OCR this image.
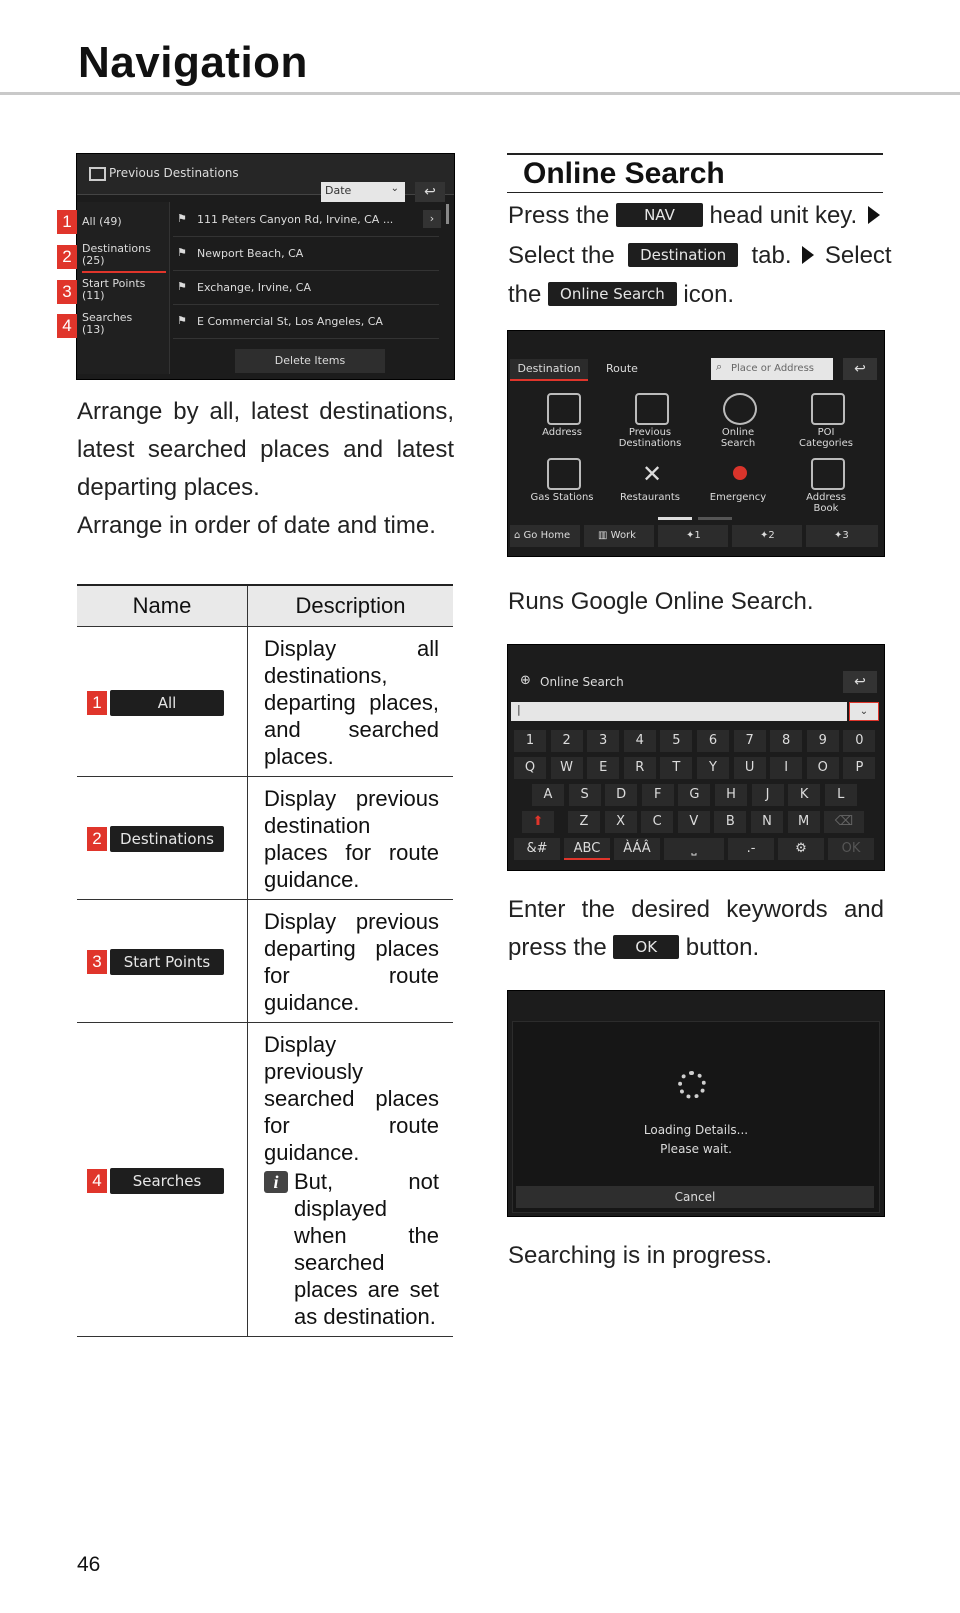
Navigation
Previous Destinations
Date	⌄	↩
All (49)
Destinations
(25)
Start Points
(11)
Searches
(13)
⚑ 111 Peters Canyon Rd, Irvine, CA ...	›
⚑ Newport Beach, CA
⚑ Exchange, Irvine, CA
⚑ E Commercial St, Los Angeles, CA
Delete Items
1
2
3
4
Arrange by all, latest destinations, latest searched places and latest departing places.
Arrange in order of date and time.
Name	Description
1 All	Display all destinations, departing places, and searched places.
2 Destinations	Display previous destination places for route guidance.
3 Start Points	Display previous departing places for route guidance.
4 Searches	Display previously searched places for route guidance.
i But, not displayed when the searched places are set as destination.
Online Search
Press the NAV head unit key.
Select the Destination tab. Select
the Online Search icon.
Destination	Route	⌕ Place or Address	↩
Address	Previous
Destinations
Online
Search
POI
Categories
Gas Stations
✕
Restaurants	Emergency	Address
Book
⌂ Go Home	▥ Work	✦1	✦2	✦3
Runs Google Online Search.
⊕ Online Search	↩
|	⌄
1	2	3	4	5	6	7	8	9	0
Q	W	E	R	T	Y	U	I	O	P
A	S	D	F	G	H	J	K	L
Z	X	C	V	B	N	M
⬆	⌫
&#	ABC	ÀÁÂ	⎵	.-	⚙	OK
Enter the desired keywords and press the OK button.
Loading Details...
Please wait.
Cancel
Searching is in progress.
46
